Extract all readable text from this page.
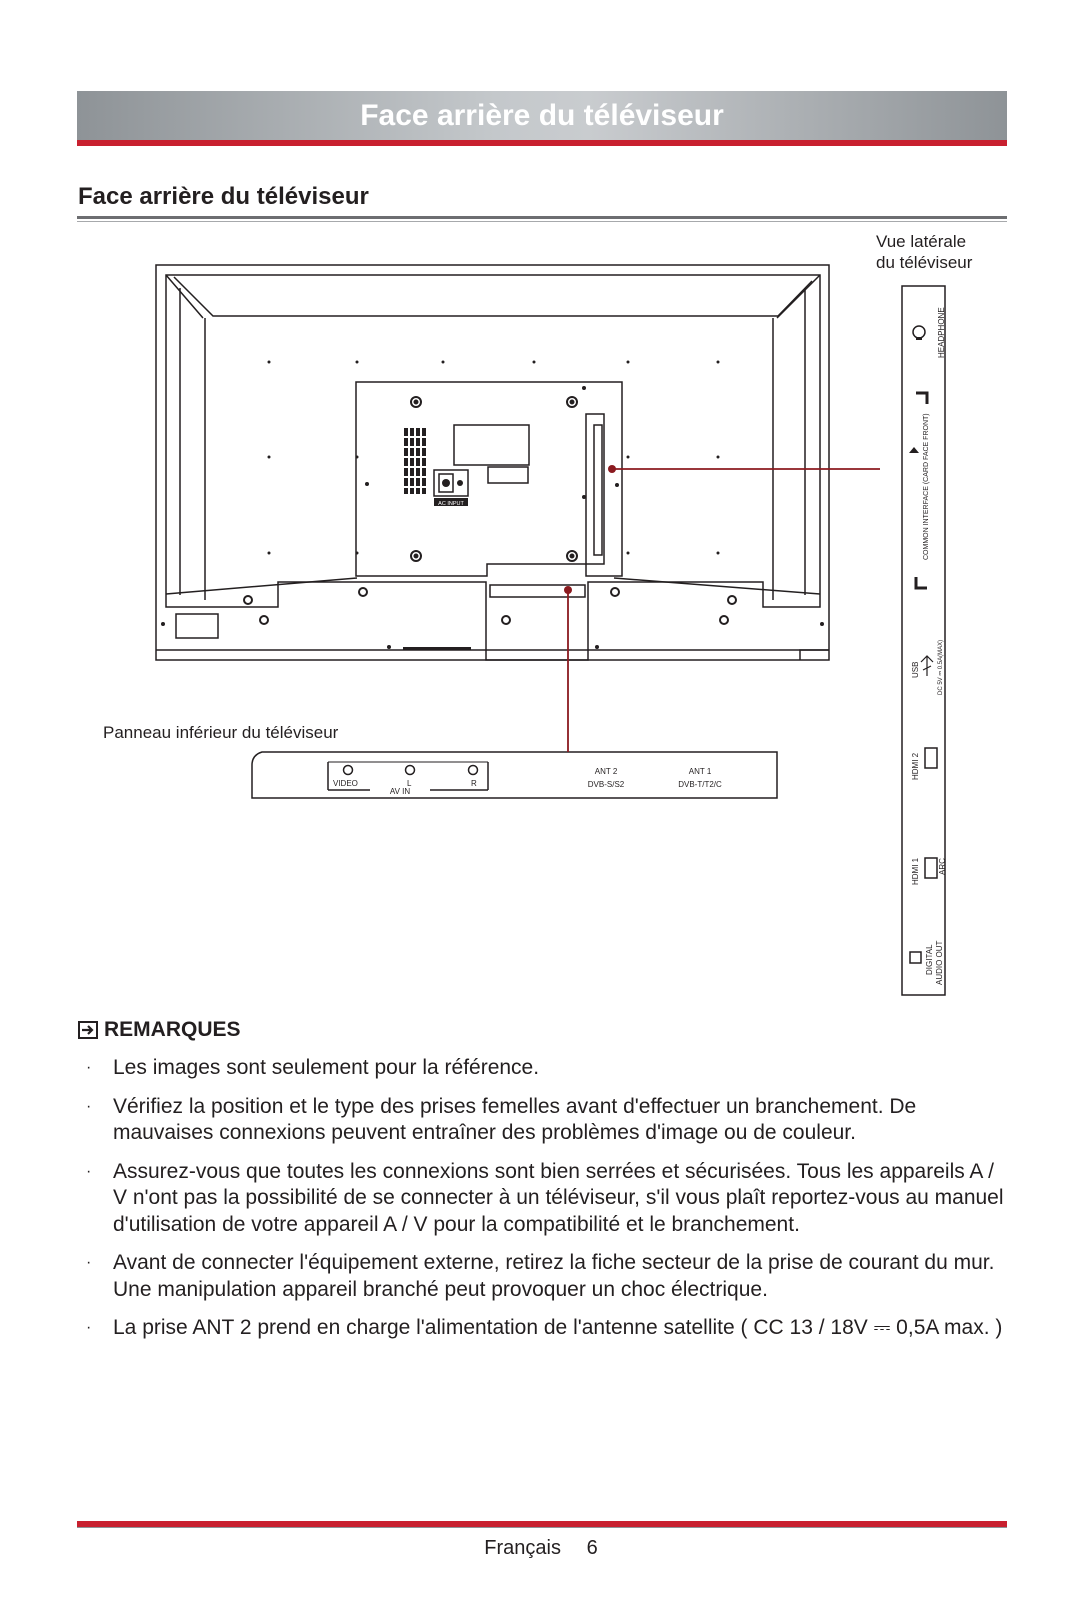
Face arrière du téléviseur
Face arrière du téléviseur
AC INPUT
Vue latérale
du téléviseur
HEADPHONE
COMMON INTERFACE (CARD FACE FRONT)
USB	DC 5V ⎓ 0.5A(MAX)
HDMI 2
HDMI 1 ARC
DIGITAL AUDIO OUT
Panneau inférieur du téléviseur
VIDEO	L	R
AV IN
ANT 2
DVB-S/S2
ANT 1
DVB-T/T2/C
REMARQUES
· Les images sont seulement pour la référence.
· Vérifiez la position et le type des prises femelles avant d'effectuer un branchement. De mauvaises connexions peuvent entraîner des problèmes d'image ou de couleur.
· Assurez-vous que toutes les connexions sont bien serrées et sécurisées. Tous les appareils A / V n'ont pas la possibilité de se connecter à un téléviseur, s'il vous plaît reportez-vous au manuel d'utilisation de votre appareil A / V pour la compatibilité et le branchement.
· Avant de connecter l'équipement externe, retirez la fiche secteur de la prise de courant du mur. Une manipulation appareil branché peut provoquer un choc électrique.
· La prise ANT 2 prend en charge l'alimentation de l'antenne satellite ( CC 13 / 18V ⎓ 0,5A max. )
Français 6
